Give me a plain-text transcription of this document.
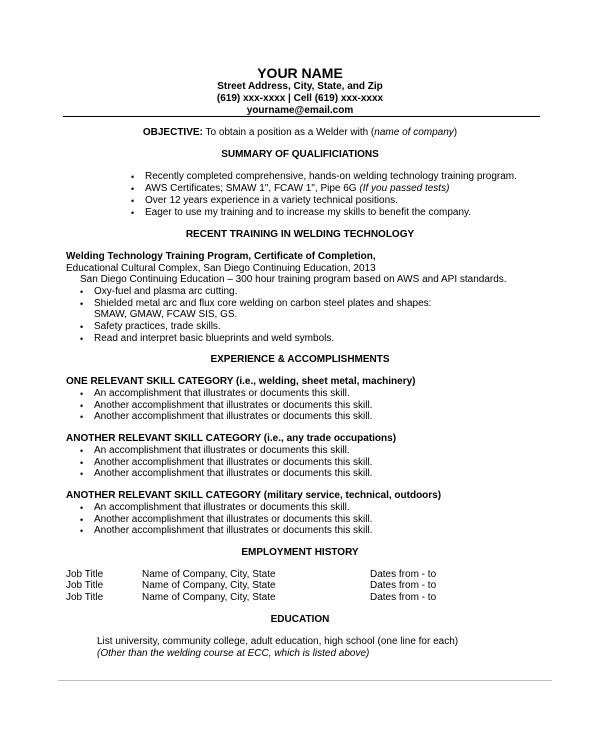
YOUR NAME
Street Address, City, State, and Zip
(619) xxx-xxxx | Cell (619) xxx-xxxx
yourname@email.com
OBJECTIVE: To obtain a position as a Welder with (name of company)
SUMMARY OF QUALIFICIATIONS
• Recently completed comprehensive, hands-on welding technology training program.
• AWS Certificates; SMAW 1", FCAW 1", Pipe 6G (If you passed tests)
• Over 12 years experience in a variety technical positions.
• Eager to use my training and to increase my skills to benefit the company.
RECENT TRAINING IN WELDING TECHNOLOGY
Welding Technology Training Program, Certificate of Completion,
Educational Cultural Complex, San Diego Continuing Education, 2013
San Diego Continuing Education – 300 hour training program based on AWS and API standards.
• Oxy-fuel and plasma arc cutting.
• Shielded metal arc and flux core welding on carbon steel plates and shapes:
SMAW, GMAW, FCAW SIS, GS.
• Safety practices, trade skills.
• Read and interpret basic blueprints and weld symbols.
EXPERIENCE & ACCOMPLISHMENTS
ONE RELEVANT SKILL CATEGORY (i.e., welding, sheet metal, machinery)
• An accomplishment that illustrates or documents this skill.
• Another accomplishment that illustrates or documents this skill.
• Another accomplishment that illustrates or documents this skill.
ANOTHER RELEVANT SKILL CATEGORY (i.e., any trade occupations)
• An accomplishment that illustrates or documents this skill.
• Another accomplishment that illustrates or documents this skill.
• Another accomplishment that illustrates or documents this skill.
ANOTHER RELEVANT SKILL CATEGORY (military service, technical, outdoors)
• An accomplishment that illustrates or documents this skill.
• Another accomplishment that illustrates or documents this skill.
• Another accomplishment that illustrates or documents this skill.
EMPLOYMENT HISTORY
Job Title	Name of Company, City, State	Dates from - to
Job Title	Name of Company, City, State	Dates from - to
Job Title	Name of Company, City, State	Dates from - to
EDUCATION
List university, community college, adult education, high school (one line for each)
(Other than the welding course at ECC, which is listed above)
